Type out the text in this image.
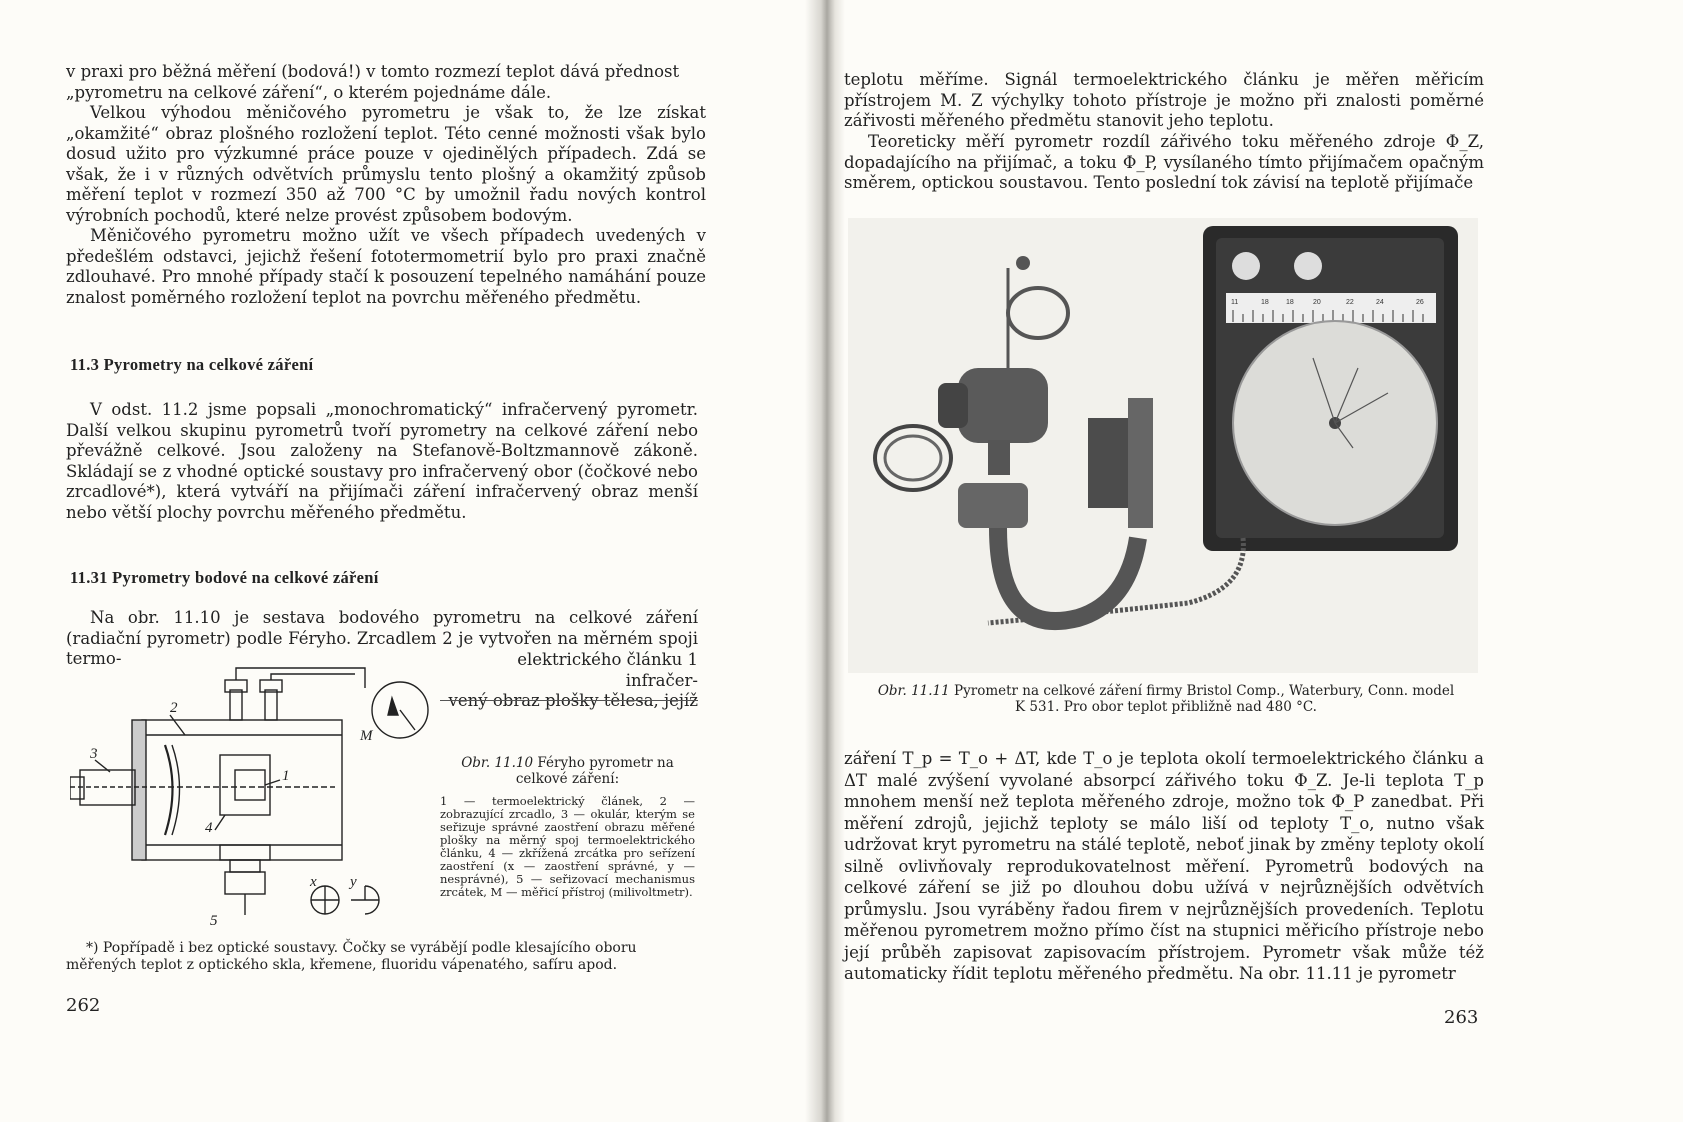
v praxi pro běžná měření (bodová!) v tomto rozmezí teplot dává přednost

„pyrometru na celkové záření“, o kterém pojednáme dále.

Velkou výhodou měničového pyrometru je však to, že lze získat „okamžité“ obraz plošného rozložení teplot. Této cenné možnosti však bylo dosud užito pro výzkumné práce pouze v ojedinělých případech. Zdá se však, že i v různých odvětvích průmyslu tento plošný a okamžitý způsob měření teplot v rozmezí 350 až 700 °C by umožnil řadu nových kontrol výrobních pochodů, které nelze provést způsobem bodovým.

Měničového pyrometru možno užít ve všech případech uvedených v předešlém odstavci, jejichž řešení fototermometrií bylo pro praxi značně zdlouhavé. Pro mnohé případy stačí k posouzení tepelného namáhání pouze znalost poměrného rozložení teplot na povrchu měřeného předmětu.

11.3 Pyrometry na celkové záření

V odst. 11.2 jsme popsali „monochromatický“ infračervený pyrometr. Další velkou skupinu pyrometrů tvoří pyrometry na celkové záření nebo převážně celkové. Jsou založeny na Stefanově-Boltzmannově zákoně. Skládají se z vhodné optické soustavy pro infračervený obor (čočkové nebo zrcadlové*), která vytváří na přijímači záření infračervený obraz menší nebo větší plochy povrchu měřeného předmětu.

11.31 Pyrometry bodové na celkové záření

Na obr. 11.10 je sestava bodového pyrometru na celkové záření (radiační pyrometr) podle Féryho. Zrcadlem 2 je vytvořen na měrném spoji termo-	elektrického článku 1 infračer-

vený obraz plošky tělesa, jejíž

2
3
1
4
M
5
x y

Obr. 11.10 Féryho pyrometr na celkové záření:

1 — termoelektrický článek, 2 — zobrazující zrcadlo, 3 — okulár, kterým se seřizuje správné zaostření obrazu měřené plošky na měrný spoj termoelektrického článku, 4 — zkřížená zrcátka pro seřízení zaostření (x — zaostření správné, y — nesprávné), 5 — seřizovací mechanismus zrcátek, M — měřicí přístroj (milivoltmetr).

*) Popřípadě i bez optické soustavy. Čočky se vyrábějí podle klesajícího oboru měřených teplot z optického skla, křemene, fluoridu vápenatého, safíru apod.

262

teplotu měříme. Signál termoelektrického článku je měřen měřicím přístrojem M. Z výchylky tohoto přístroje je možno při znalosti poměrné zářivosti měřeného předmětu stanovit jeho teplotu.

Teoreticky měří pyrometr rozdíl zářivého toku měřeného zdroje Φ_Z, dopadajícího na přijímač, a toku Φ_P, vysílaného tímto přijímačem opačným směrem, optickou soustavou. Tento poslední tok závisí na teplotě přijímače

11	18 18	20	22	24	26

Obr. 11.11 Pyrometr na celkové záření firmy Bristol Comp., Waterbury, Conn. model

K 531. Pro obor teplot přibližně nad 480 °C.

záření T_p = T_o + ΔT, kde T_o je teplota okolí termoelektrického článku a ΔT malé zvýšení vyvolané absorpcí zářivého toku Φ_Z. Je-li teplota T_p mnohem menší než teplota měřeného zdroje, možno tok Φ_P zanedbat. Při měření zdrojů, jejichž teploty se málo liší od teploty T_o, nutno však udržovat kryt pyrometru na stálé teplotě, neboť jinak by změny teploty okolí silně ovlivňovaly reprodukovatelnost měření. Pyrometrů bodových na celkové záření se již po dlouhou dobu užívá v nejrůznějších odvětvích průmyslu. Jsou vyráběny řadou firem v nejrůznějších provedeních. Teplotu měřenou pyrometrem možno přímo číst na stupnici měřicího přístroje nebo její průběh zapisovat zapisovacím přístrojem. Pyrometr však může též automaticky řídit teplotu měřeného předmětu. Na obr. 11.11 je pyrometr

263
